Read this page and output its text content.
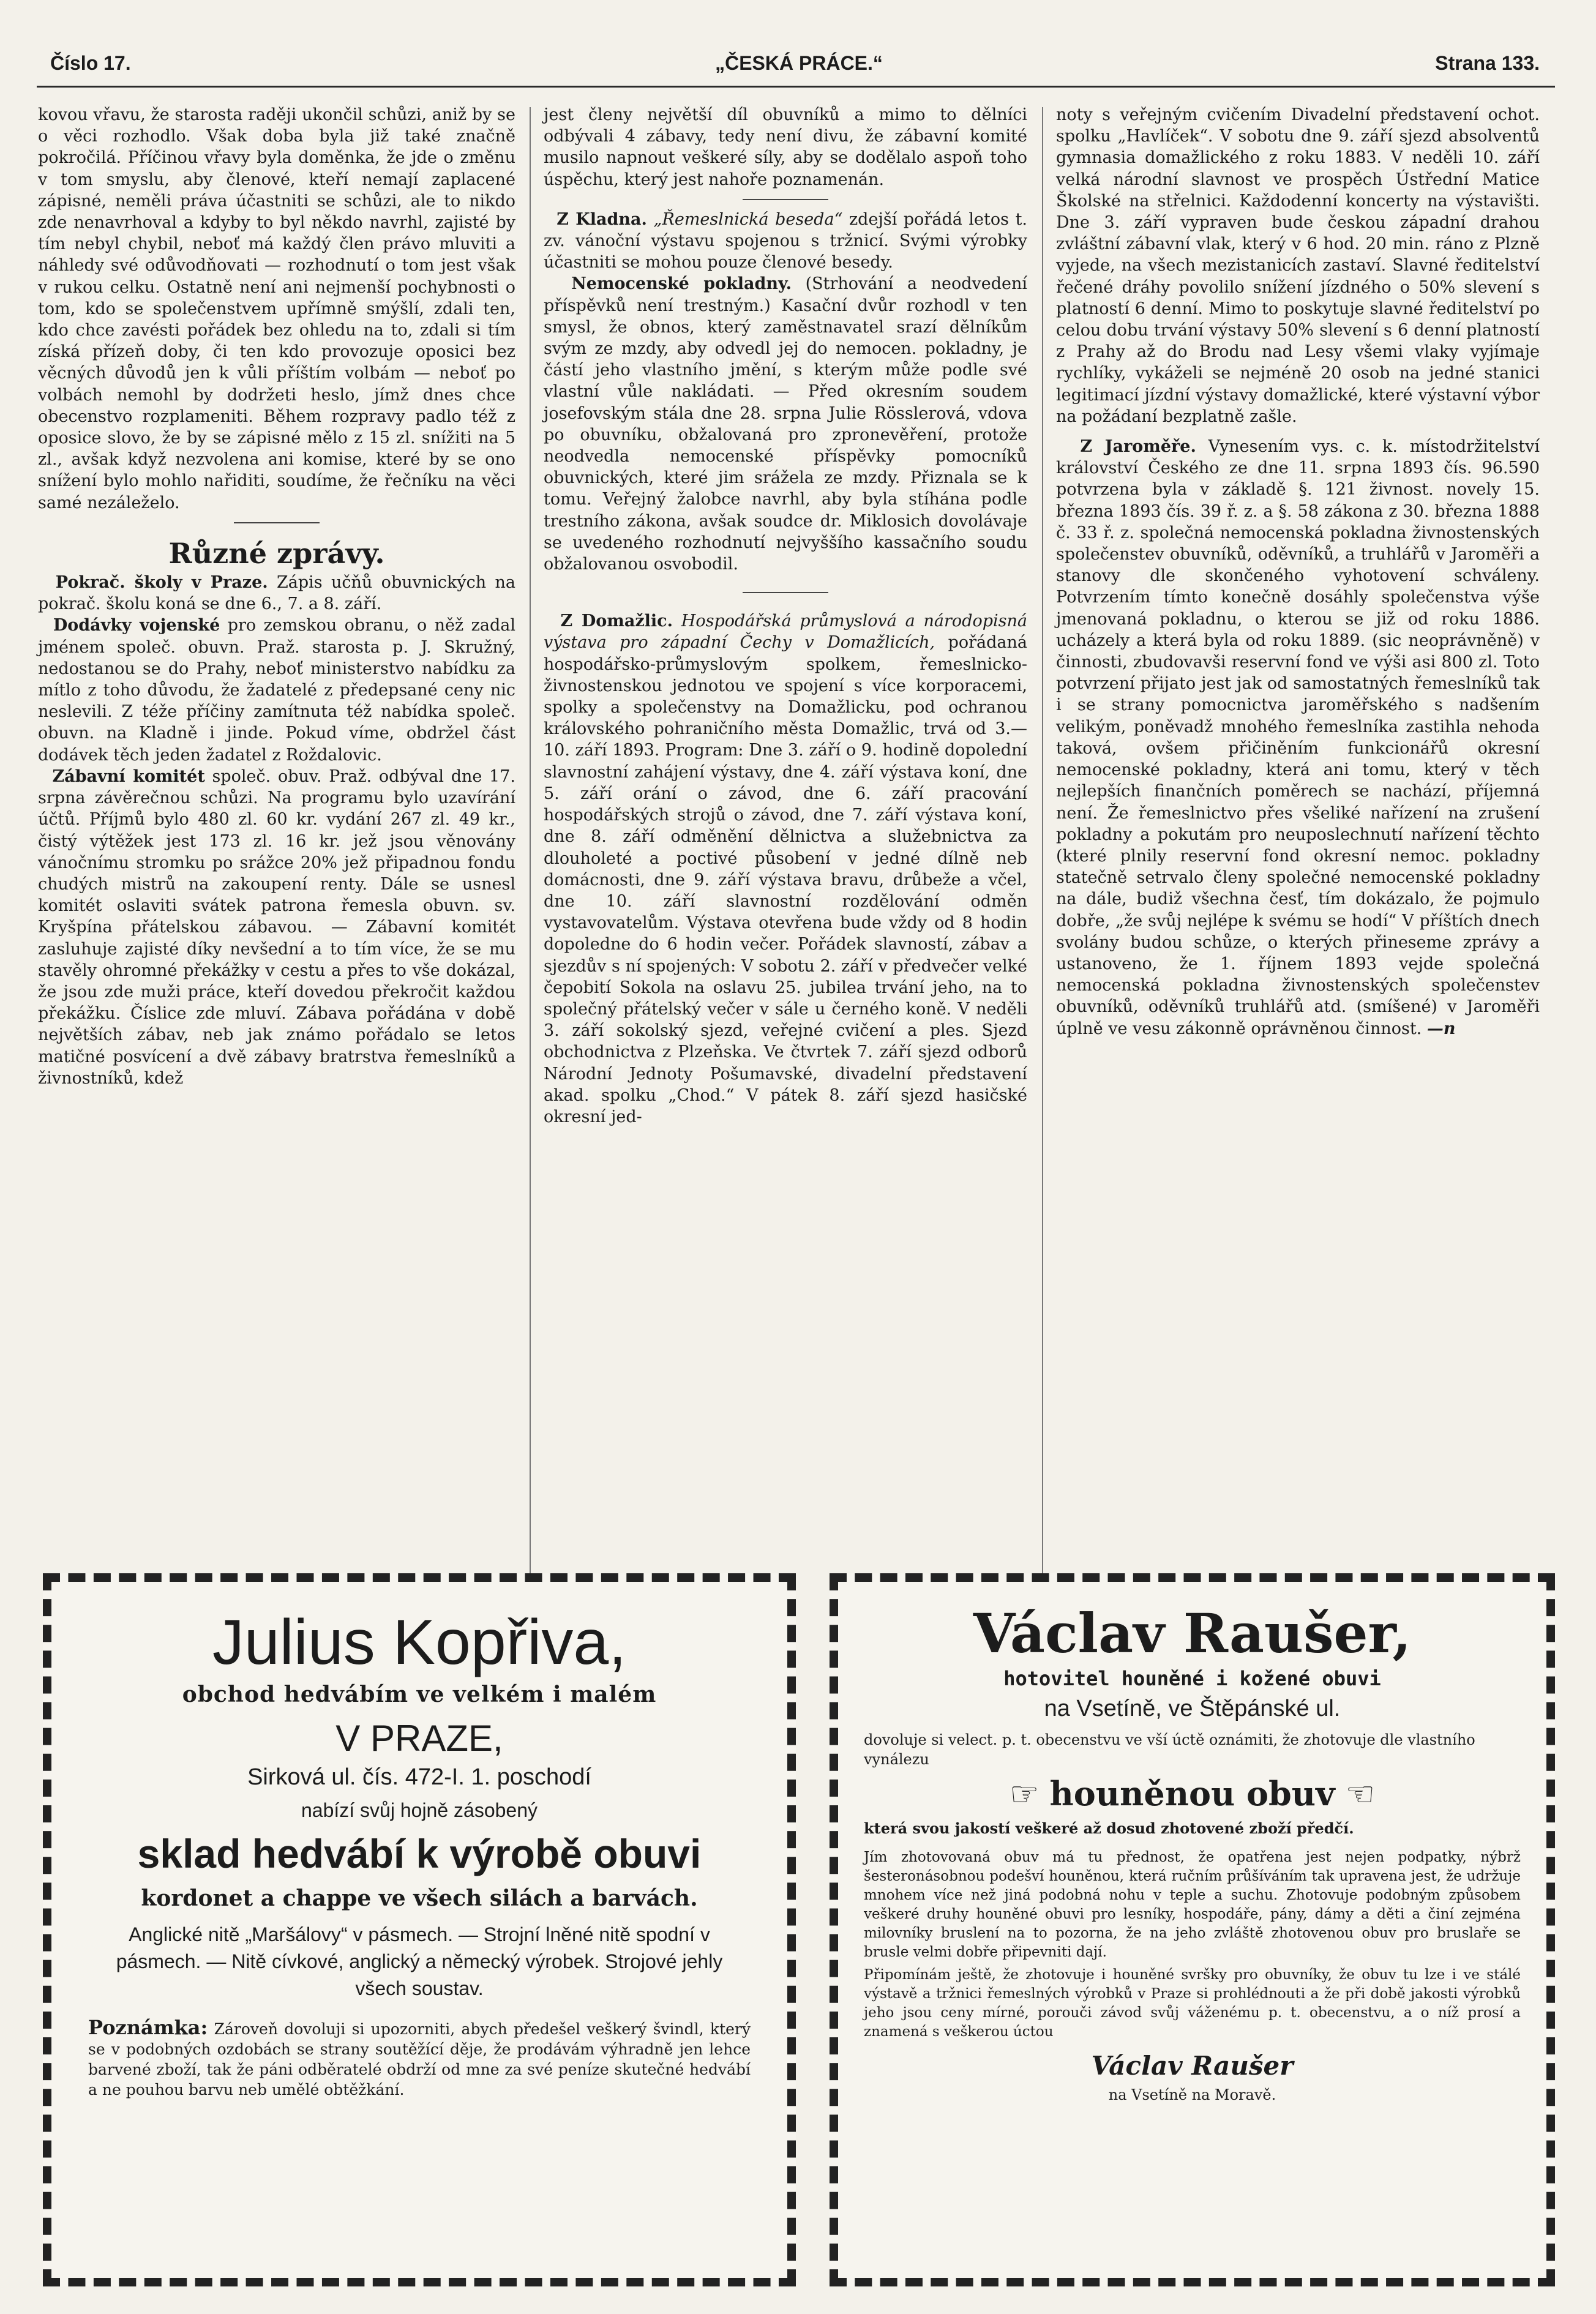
Číslo 17.	„ČESKÁ PRÁCE.“	Strana 133.

kovou vřavu, že starosta raději ukončil schůzi, aniž by se o věci rozhodlo. Však doba byla již také značně pokročilá. Příčinou vřavy byla doměnka, že jde o změnu v tom smyslu, aby členové, kteří nemají zaplacené zápisné, neměli práva účastniti se schůzi, ale to nikdo zde nenavrhoval a kdyby to byl někdo navrhl, zajisté by tím nebyl chybil, neboť má každý člen právo mluviti a náhledy své odůvodňovati — rozhodnutí o tom jest však v rukou celku. Ostatně není ani nejmenší pochybnosti o tom, kdo se společenstvem upřímně smýšlí, zdali ten, kdo chce zavésti pořádek bez ohledu na to, zdali si tím získá přízeň doby, či ten kdo provozuje oposici bez věcných důvodů jen k vůli příštím volbám — neboť po volbách nemohl by dodržeti heslo, jímž dnes chce obecenstvo rozplameniti. Během rozpravy padlo též z oposice slovo, že by se zápisné mělo z 15 zl. snížiti na 5 zl., avšak když nezvolena ani komise, které by se ono snížení bylo mohlo nařiditi, soudíme, že řečníku na věci samé nezáleželo.

Různé zprávy.

Pokrač. školy v Praze. Zápis učňů obuvnických na pokrač. školu koná se dne 6., 7. a 8. září.

Dodávky vojenské pro zemskou obranu, o něž zadal jménem společ. obuvn. Praž. starosta p. J. Skružný, nedostanou se do Prahy, neboť ministerstvo nabídku za mítlo z toho důvodu, že žadatelé z předepsané ceny nic neslevili. Z téže příčiny zamítnuta též nabídka společ. obuvn. na Kladně i jinde. Pokud víme, obdržel část dodávek těch jeden žadatel z Roždalovic.

Zábavní komitét společ. obuv. Praž. odbýval dne 17. srpna závěrečnou schůzi. Na programu bylo uzavírání účtů. Příjmů bylo 480 zl. 60 kr. vydání 267 zl. 49 kr., čistý výtěžek jest 173 zl. 16 kr. jež jsou věnovány vánočnímu stromku po srážce 20% jež připadnou fondu chudých mistrů na zakoupení renty. Dále se usnesl komitét oslaviti svátek patrona řemesla obuvn. sv. Kryšpína přátelskou zábavou. — Zábavní komitét zasluhuje zajisté díky nevšední a to tím více, že se mu stavěly ohromné překážky v cestu a přes to vše dokázal, že jsou zde muži práce, kteří dovedou překročit každou překážku. Číslice zde mluví. Zábava pořádána v době největších zábav, neb jak známo pořádalo se letos matičné posvícení a dvě zábavy bratrstva řemeslníků a živnostníků, kdež

jest členy největší díl obuvníků a mimo to dělníci odbývali 4 zábavy, tedy není divu, že zábavní komité musilo napnout veškeré síly, aby se dodělalo aspoň toho úspěchu, který jest nahoře poznamenán.

Z Kladna. „Řemeslnická beseda“ zdejší pořádá letos t. zv. vánoční výstavu spojenou s tržnicí. Svými výrobky účastniti se mohou pouze členové besedy.

Nemocenské pokladny. (Strhování a neodvedení příspěvků není trestným.) Kasační dvůr rozhodl v ten smysl, že obnos, který zaměstnavatel srazí dělníkům svým ze mzdy, aby odvedl jej do nemocen. pokladny, je částí jeho vlastního jmění, s kterým může podle své vlastní vůle nakládati. — Před okresním soudem josefovským stála dne 28. srpna Julie Rösslerová, vdova po obuvníku, obžalovaná pro zpronevěření, protože neodvedla nemocenské příspěvky pomocníků obuvnických, které jim srážela ze mzdy. Přiznala se k tomu. Veřejný žalobce navrhl, aby byla stíhána podle trestního zákona, avšak soudce dr. Miklosich dovolávaje se uvedeného rozhodnutí nejvyššího kassačního soudu obžalovanou osvobodil.

Z Domažlic. Hospodářská průmyslová a národopisná výstava pro západní Čechy v Domažlicích, pořádaná hospodářsko-průmyslovým spolkem, řemeslnicko-živnostenskou jednotou ve spojení s více korporacemi, spolky a společenstvy na Domažlicku, pod ochranou královského pohraničního města Domažlic, trvá od 3.—10. září 1893. Program: Dne 3. září o 9. hodině dopolední slavnostní zahájení výstavy, dne 4. září výstava koní, dne 5. září orání o závod, dne 6. září pracování hospodářských strojů o závod, dne 7. září výstava koní, dne 8. září odměnění dělnictva a služebnictva za dlouholeté a poctivé působení v jedné dílně neb domácnosti, dne 9. září výstava bravu, drůbeže a včel, dne 10. září slavnostní rozdělování odměn vystavovatelům. Výstava otevřena bude vždy od 8 hodin dopoledne do 6 hodin večer. Pořádek slavností, zábav a sjezdův s ní spojených: V sobotu 2. září v předvečer velké čepobití Sokola na oslavu 25. jubilea trvání jeho, na to společný přátelský večer v sále u černého koně. V neděli 3. září sokolský sjezd, veřejné cvičení a ples. Sjezd obchodnictva z Plzeňska. Ve čtvrtek 7. září sjezd odborů Národní Jednoty Pošumavské, divadelní představení akad. spolku „Chod.“ V pátek 8. září sjezd hasičské okresní jed-

noty s veřejným cvičením Divadelní představení ochot. spolku „Havlíček“. V sobotu dne 9. září sjezd absolventů gymnasia domažlického z roku 1883. V neděli 10. září velká národní slavnost ve prospěch Ústřední Matice Školské na střelnici. Každodenní koncerty na výstavišti. Dne 3. září vypraven bude českou západní drahou zvláštní zábavní vlak, který v 6 hod. 20 min. ráno z Plzně vyjede, na všech mezistanicích zastaví. Slavné ředitelství řečené dráhy povolilo snížení jízdného o 50% slevení s platností 6 denní. Mimo to poskytuje slavné ředitelství po celou dobu trvání výstavy 50% slevení s 6 denní platností z Prahy až do Brodu nad Lesy všemi vlaky vyjímaje rychlíky, vykáželi se nejméně 20 osob na jedné stanici legitimací jízdní výstavy domažlické, které výstavní výbor na požádaní bezplatně zašle.

Z Jaroměře. Vynesením vys. c. k. místodržitelství království Českého ze dne 11. srpna 1893 čís. 96.590 potvrzena byla v základě §. 121 živnost. novely 15. března 1893 čís. 39 ř. z. a §. 58 zákona z 30. března 1888 č. 33 ř. z. společná nemocenská pokladna živnostenských společenstev obuvníků, oděvníků, a truhlářů v Jaroměři a stanovy dle skončeného vyhotovení schváleny. Potvrzením tímto konečně dosáhly společenstva výše jmenovaná pokladnu, o kterou se již od roku 1886. ucházely a která byla od roku 1889. (sic neoprávněně) v činnosti, zbudovavši reservní fond ve výši asi 800 zl. Toto potvrzení přijato jest jak od samostatných řemeslníků tak i se strany pomocnictva jaroměřského s nadšením velikým, poněvadž mnohého řemeslníka zastihla nehoda taková, ovšem přičiněním funkcionářů okresní nemocenské pokladny, která ani tomu, který v těch nejlepších finančních poměrech se nachází, příjemná není. Že řemeslnictvo přes všeliké nařízení na zrušení pokladny a pokutám pro neuposlechnutí nařízení těchto (které plnily reservní fond okresní nemoc. pokladny statečně setrvalo členy společné nemocenské pokladny na dále, budiž všechna česť, tím dokázalo, že pojmulo dobře, „že svůj nejlépe k svému se hodí“ V příštích dnech svolány budou schůze, o kterých přineseme zprávy a ustanoveno, že 1. říjnem 1893 vejde společná nemocenská pokladna živnostenských společenstev obuvníků, oděvníků truhlářů atd. (smíšené) v Jaroměři úplně ve vesu zákonně oprávněnou činnost. —n

Julius Kopřiva,
obchod hedvábím ve velkém i malém
V PRAZE,
Sirková ul. čís. 472-I. 1. poschodí
nabízí svůj hojně zásobený
sklad hedvábí k výrobě obuvi
kordonet a chappe ve všech silách a barvách.
Anglické nitě „Maršálovy“ v pásmech. — Strojní lněné nitě spodní v pásmech. — Nitě cívkové, anglický a německý výrobek. Strojové jehly všech soustav.
Poznámka: Zároveň dovoluji si upozorniti, abych předešel veškerý švindl, který se v podobných ozdobách se strany soutěžící děje, že prodávám výhradně jen lehce barvené zboží, tak že páni odběratelé obdrží od mne za své peníze skutečné hedvábí a ne pouhou barvu neb umělé obtěžkání.
Václav Raušer,
hotovitel houněné i kožené obuvi
na Vsetíně, ve Štěpánské ul.
dovoluje si velect. p. t. obecenstvu ve vší úctě oznámiti, že zhotovuje dle vlastního vynálezu
☞ houněnou obuv ☜
která svou jakostí veškeré až dosud zhotovené zboží předčí.
Jím zhotovovaná obuv má tu přednost, že opatřena jest nejen podpatky, nýbrž šesteronásobnou podešví houněnou, která ručním průšíváním tak upravena jest, že udržuje mnohem více než jiná podobná nohu v teple a suchu. Zhotovuje podobným způsobem veškeré druhy houněné obuvi pro lesníky, hospodáře, pány, dámy a děti a činí zejména milovníky bruslení na to pozorna, že na jeho zvláště zhotovenou obuv pro bruslaře se brusle velmi dobře připevniti dají.
Připomínám ještě, že zhotovuje i houněné svršky pro obuvníky, že obuv tu lze i ve stálé výstavě a tržnici řemeslných výrobků v Praze si prohlédnouti a že při době jakosti výrobků jeho jsou ceny mírné, porouči závod svůj váženému p. t. obecenstvu, a o níž prosí a znamená s veškerou úctou
Václav Raušer
na Vsetíně na Moravě.
